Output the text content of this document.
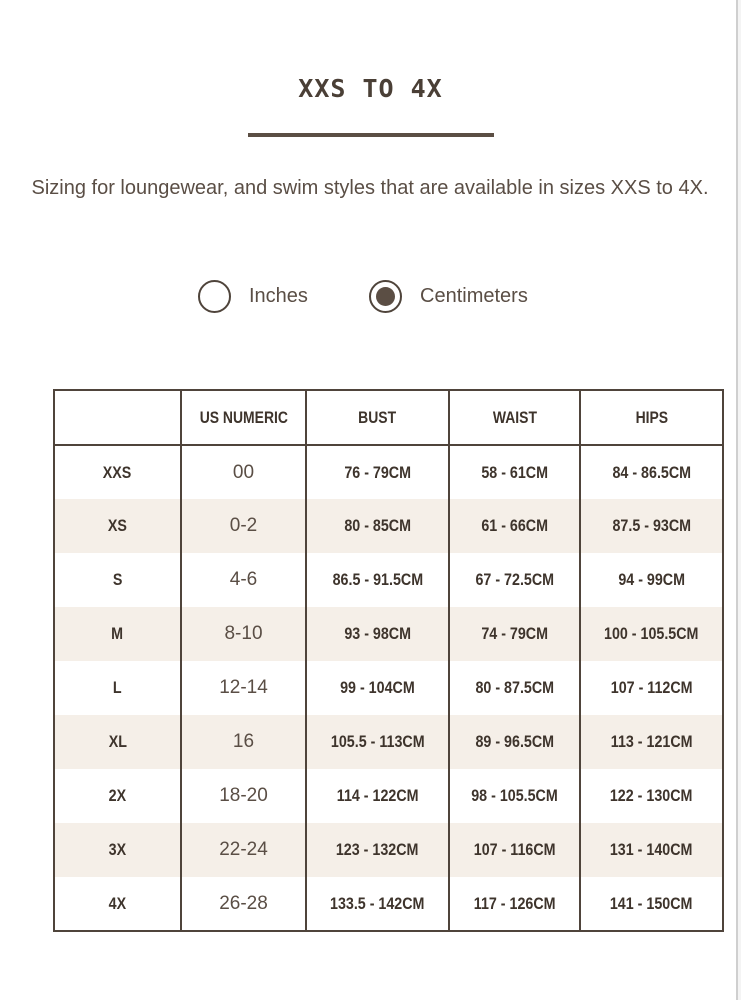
XXS TO 4X
Sizing for loungewear, and swim styles that are available in sizes XXS to 4X.
Inches	Centimeters
	US NUMERIC	BUST	WAIST	HIPS
XXS	00	76 - 79CM	58 - 61CM	84 - 86.5CM
XS	0-2	80 - 85CM	61 - 66CM	87.5 - 93CM
S	4-6	86.5 - 91.5CM	67 - 72.5CM	94 - 99CM
M	8-10	93 - 98CM	74 - 79CM	100 - 105.5CM
L	12-14	99 - 104CM	80 - 87.5CM	107 - 112CM
XL	16	105.5 - 113CM	89 - 96.5CM	113 - 121CM
2X	18-20	114 - 122CM	98 - 105.5CM	122 - 130CM
3X	22-24	123 - 132CM	107 - 116CM	131 - 140CM
4X	26-28	133.5 - 142CM	117 - 126CM	141 - 150CM
